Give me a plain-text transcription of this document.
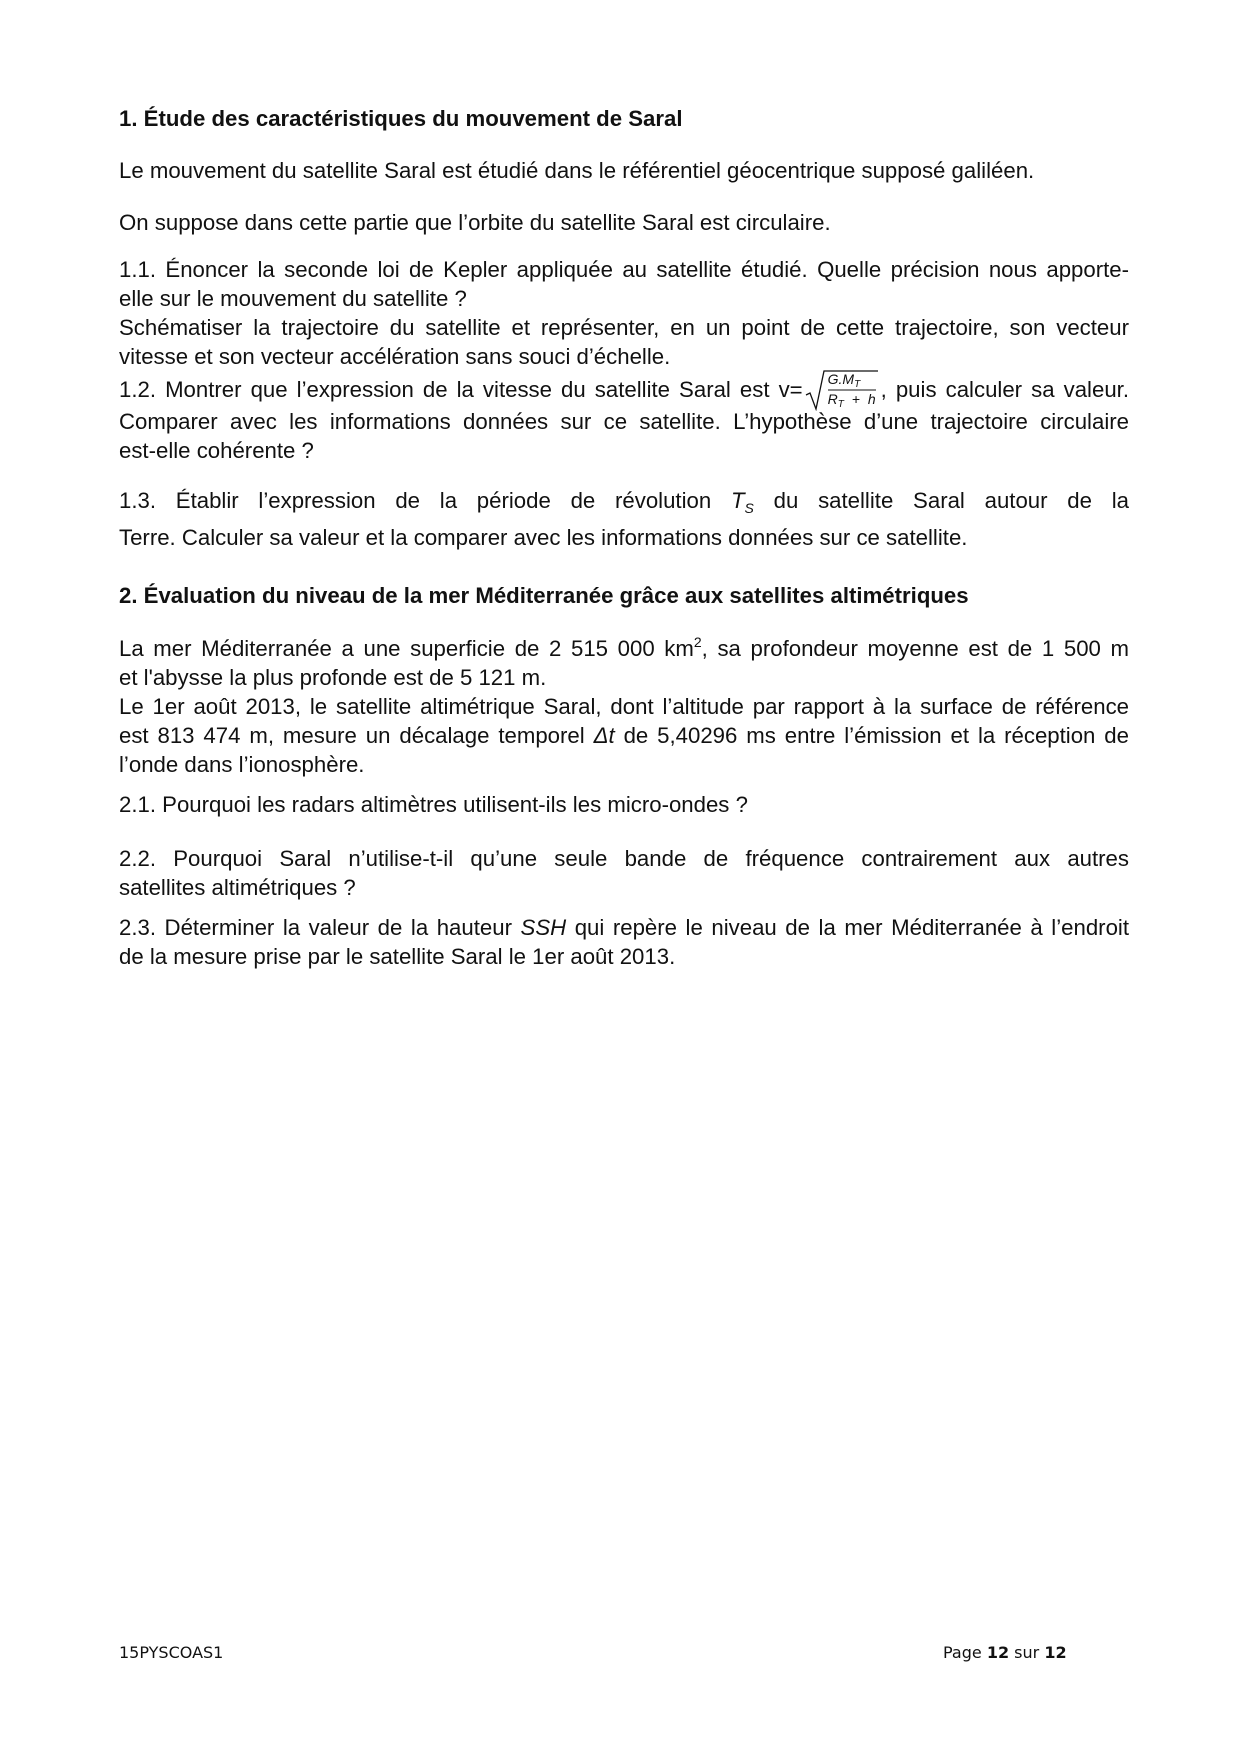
1. Étude des caractéristiques du mouvement de Saral
Le mouvement du satellite Saral est étudié dans le référentiel géocentrique supposé galiléen.
On suppose dans cette partie que l’orbite du satellite Saral est circulaire.
1.1. Énoncer la seconde loi de Kepler appliquée au satellite étudié. Quelle précision nous apporte-
elle sur le mouvement du satellite ?
Schématiser la trajectoire du satellite et représenter, en un point de cette trajectoire, son vecteur
vitesse et son vecteur accélération sans souci d’échelle.
1.2. Montrer que l’expression de la vitesse du satellite Saral est $v= G.M_T$
$R_T + h$ , puis calculer sa valeur.
Comparer avec les informations données sur ce satellite. L’hypothèse d’une trajectoire circulaire
est-elle cohérente ?
1.3. Établir l’expression de la période de révolution $T_S$ du satellite Saral autour de la
Terre. Calculer sa valeur et la comparer avec les informations données sur ce satellite.
2. Évaluation du niveau de la mer Méditerranée grâce aux satellites altimétriques
La mer Méditerranée a une superficie de 2 515 000 $km^2$, sa profondeur moyenne est de 1 500 m
et l'abysse la plus profonde est de 5 121 m.
Le 1er août 2013, le satellite altimétrique Saral, dont l’altitude par rapport à la surface de référence
est 813 474 m, mesure un décalage temporel Δt de 5,40296 ms entre l’émission et la réception de
l’onde dans l’ionosphère.
2.1. Pourquoi les radars altimètres utilisent-ils les micro-ondes ?
2.2. Pourquoi Saral n’utilise-t-il qu’une seule bande de fréquence contrairement aux autres
satellites altimétriques ?
2.3. Déterminer la valeur de la hauteur SSH qui repère le niveau de la mer Méditerranée à l’endroit
de la mesure prise par le satellite Saral le 1er août 2013.
15PYSCOAS1	Page 12 sur 12
